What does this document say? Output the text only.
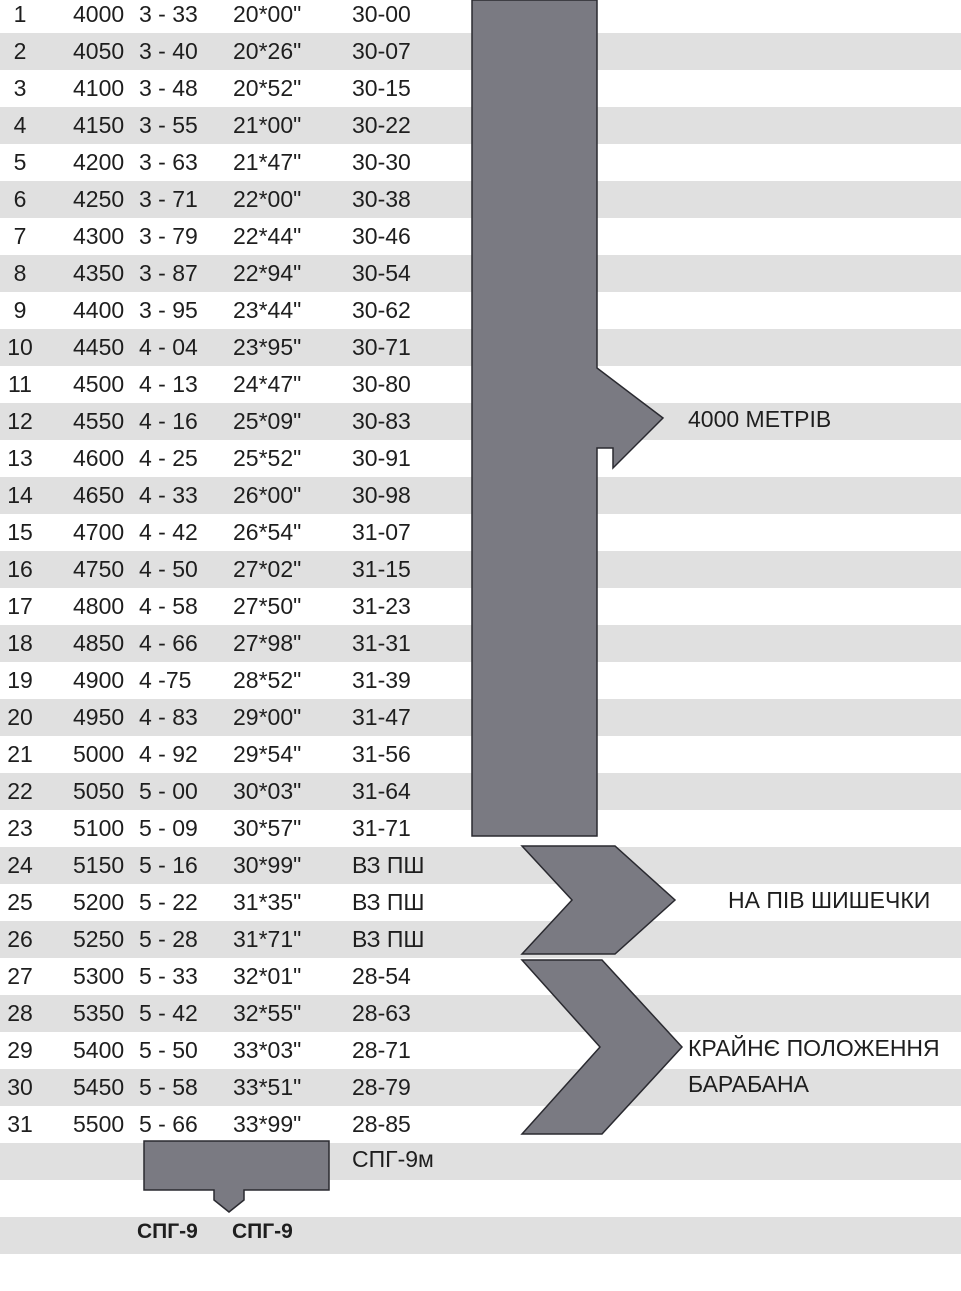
1	4000 3 - 33 20*00" 30-00
2	4050 3 - 40 20*26" 30-07
3	4100 3 - 48 20*52" 30-15
4	4150 3 - 55 21*00" 30-22
5	4200 3 - 63 21*47" 30-30
6	4250 3 - 71 22*00" 30-38
7	4300 3 - 79 22*44" 30-46
8	4350 3 - 87 22*94" 30-54
9	4400 3 - 95 23*44" 30-62
10	4450 4 - 04 23*95" 30-71
11	4500 4 - 13 24*47" 30-80
12	4550 4 - 16 25*09" 30-83
13	4600 4 - 25 25*52" 30-91
14	4650 4 - 33 26*00" 30-98
15	4700 4 - 42 26*54" 31-07
16	4750 4 - 50 27*02" 31-15
17	4800 4 - 58 27*50" 31-23
18	4850 4 - 66 27*98" 31-31
19	4900 4 -75 28*52" 31-39
20	4950 4 - 83 29*00" 31-47
21	5000 4 - 92 29*54" 31-56
22	5050 5 - 00 30*03" 31-64
23	5100 5 - 09 30*57" 31-71
24	5150 5 - 16 30*99" ВЗ ПШ
25	5200 5 - 22 31*35" ВЗ ПШ
26	5250 5 - 28 31*71" ВЗ ПШ
27	5300 5 - 33 32*01" 28-54
28	5350 5 - 42 32*55" 28-63
29	5400 5 - 50 33*03" 28-71
30	5450 5 - 58 33*51" 28-79
31	5500 5 - 66 33*99" 28-85
4000 МЕТРІВ
НА ПІВ ШИШЕЧКИ
КРАЙНЄ ПОЛОЖЕННЯ
БАРАБАНА
СПГ-9м
СПГ-9 СПГ-9
